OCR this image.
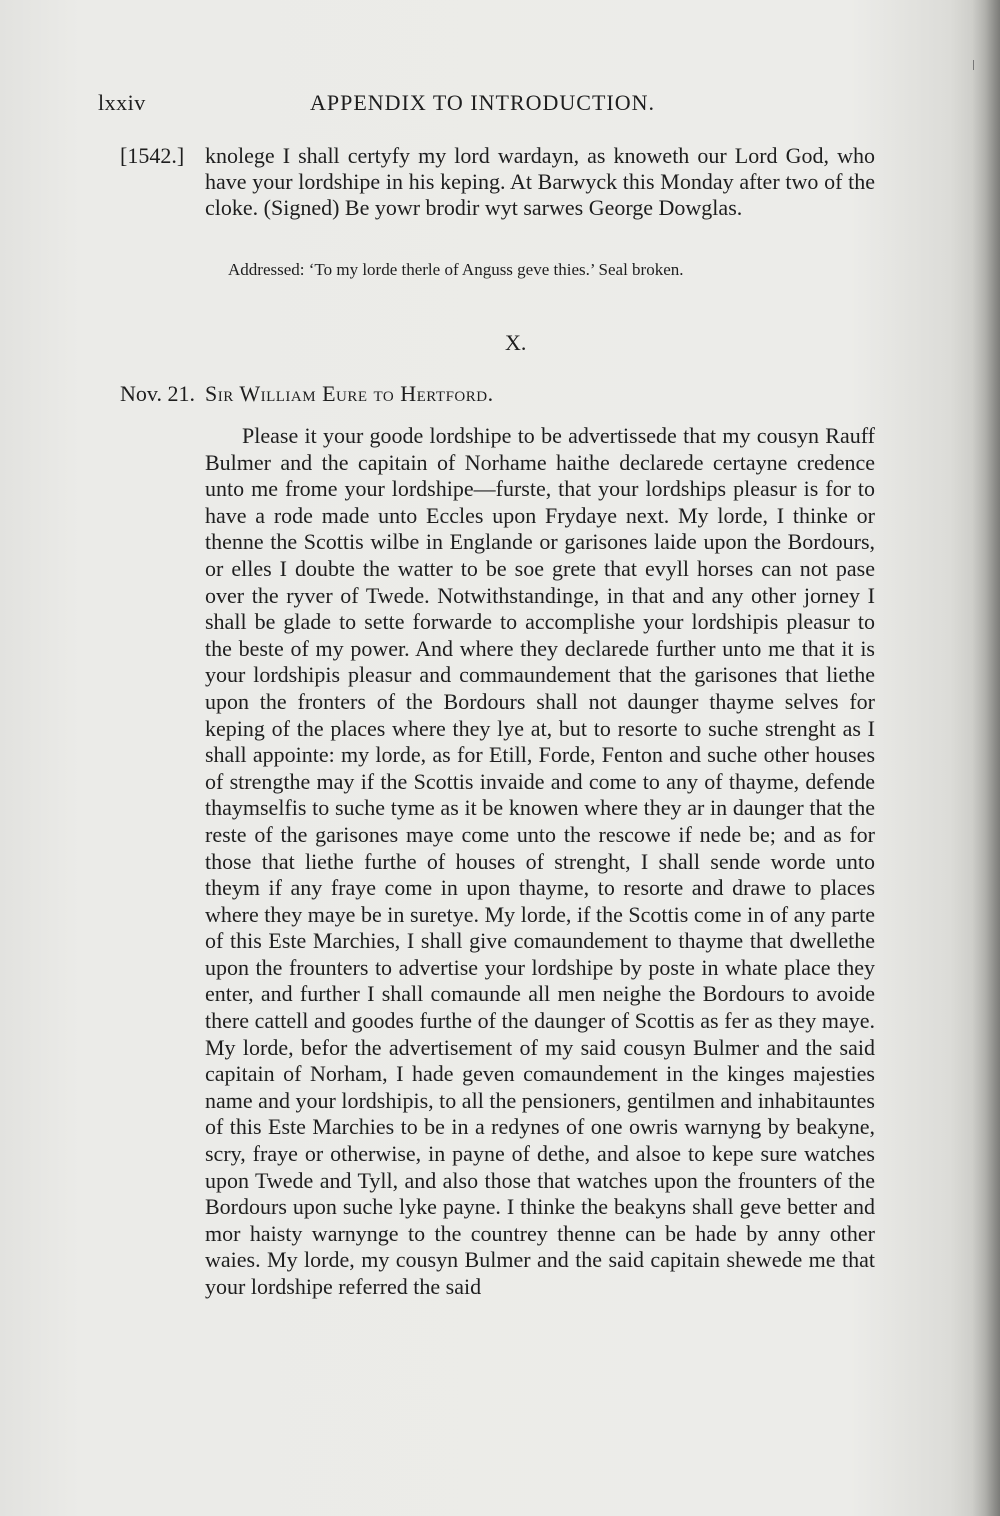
lxxiv	APPENDIX TO INTRODUCTION.
[1542.] knolege I shall certyfy my lord wardayn, as knoweth our Lord God, who have your lordshipe in his keping. At Barwyck this Monday after two of the cloke. (Signed) Be yowr brodir wyt sarwes George Dowglas.

Addressed: ‘To my lorde therle of Anguss geve thies.’ Seal broken.
X.
Nov. 21. Sir William Eure to Hertford.

Please it your goode lordshipe to be advertissede that my cousyn Rauff Bulmer and the capitain of Norhame haithe declarede certayne credence unto me frome your lordshipe—furste, that your lordships pleasur is for to have a rode made unto Eccles upon Frydaye next. My lorde, I thinke or thenne the Scottis wilbe in Englande or garisones laide upon the Bordours, or elles I doubte the watter to be soe grete that evyll horses can not pase over the ryver of Twede. Notwithstandinge, in that and any other jorney I shall be glade to sette forwarde to accomplishe your lordshipis pleasur to the beste of my power. And where they declarede further unto me that it is your lordshipis pleasur and commaundement that the garisones that liethe upon the fronters of the Bordours shall not daunger thayme selves for keping of the places where they lye at, but to resorte to suche strenght as I shall appointe: my lorde, as for Etill, Forde, Fenton and suche other houses of strengthe may if the Scottis invaide and come to any of thayme, defende thaymselfis to suche tyme as it be knowen where they ar in daunger that the reste of the garisones maye come unto the rescowe if nede be; and as for those that liethe furthe of houses of strenght, I shall sende worde unto theym if any fraye come in upon thayme, to resorte and drawe to places where they maye be in suretye. My lorde, if the Scottis come in of any parte of this Este Marchies, I shall give comaundement to thayme that dwellethe upon the frounters to advertise your lordshipe by poste in whate place they enter, and further I shall comaunde all men neighe the Bordours to avoide there cattell and goodes furthe of the daunger of Scottis as fer as they maye. My lorde, befor the advertisement of my said cousyn Bulmer and the said capitain of Norham, I hade geven comaundement in the kinges majesties name and your lordshipis, to all the pensioners, gentilmen and inhabitauntes of this Este Marchies to be in a redynes of one owris warnyng by beakyne, scry, fraye or otherwise, in payne of dethe, and alsoe to kepe sure watches upon Twede and Tyll, and also those that watches upon the frounters of the Bordours upon suche lyke payne. I thinke the beakyns shall geve better and mor haisty warnynge to the countrey thenne can be hade by anny other waies. My lorde, my cousyn Bulmer and the said capitain shewede me that your lordshipe referred the said
